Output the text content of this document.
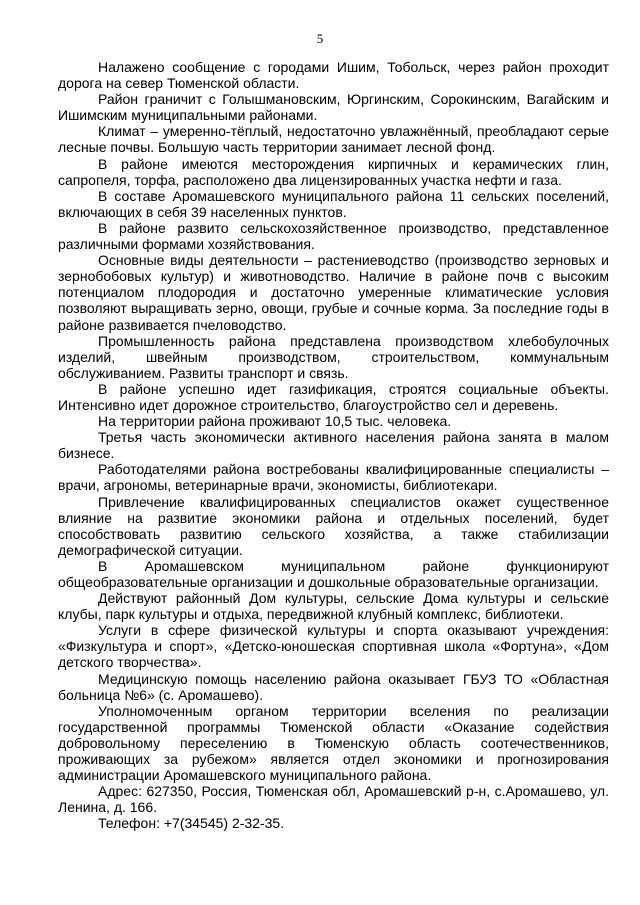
5

Налажено сообщение с городами Ишим, Тобольск, через район проходит дорога на север Тюменской области.

Район граничит с Голышмановским, Юргинским, Сорокинским, Вагайским и Ишимским муниципальными районами.

Климат – умеренно-тёплый, недостаточно увлажнённый, преобладают серые лесные почвы. Большую часть территории занимает лесной фонд.

В районе имеются месторождения кирпичных и керамических глин, сапропеля, торфа, расположено два лицензированных участка нефти и газа.

В составе Аромашевского муниципального района 11 сельских поселений, включающих в себя 39 населенных пунктов.

В районе развито сельскохозяйственное производство, представленное различными формами хозяйствования.

Основные виды деятельности – растениеводство (производство зерновых и зернобобовых культур) и животноводство. Наличие в районе почв с высоким потенциалом плодородия и достаточно умеренные климатические условия позволяют выращивать зерно, овощи, грубые и сочные корма. За последние годы в районе развивается пчеловодство.

Промышленность района представлена производством хлебобулочных изделий, швейным производством, строительством, коммунальным обслуживанием. Развиты транспорт и связь.

В районе успешно идет газификация, строятся социальные объекты. Интенсивно идет дорожное строительство, благоустройство сел и деревень.

На территории района проживают 10,5 тыс. человека.

Третья часть экономически активного населения района занята в малом бизнесе.

Работодателями района востребованы квалифицированные специалисты – врачи, агрономы, ветеринарные врачи, экономисты, библиотекари.

Привлечение квалифицированных специалистов окажет существенное влияние на развитие экономики района и отдельных поселений, будет способствовать развитию сельского хозяйства, а также стабилизации демографической ситуации.

В Аромашевском муниципальном районе функционируют общеобразовательные организации и дошкольные образовательные организации.

Действуют районный Дом культуры, сельские Дома культуры и сельские клубы, парк культуры и отдыха, передвижной клубный комплекс, библиотеки.

Услуги в сфере физической культуры и спорта оказывают учреждения: «Физкультура и спорт», «Детско-юношеская спортивная школа «Фортуна», «Дом детского творчества».

Медицинскую помощь населению района оказывает ГБУЗ ТО «Областная больница №6» (с. Аромашево).

Уполномоченным органом территории вселения по реализации государственной программы Тюменской области «Оказание содействия добровольному переселению в Тюменскую область соотечественников, проживающих за рубежом» является отдел экономики и прогнозирования администрации Аромашевского муниципального района.

Адрес: 627350, Россия, Тюменская обл, Аромашевский р-н, с.Аромашево, ул. Ленина, д. 166.

Телефон: +7(34545) 2-32-35.
